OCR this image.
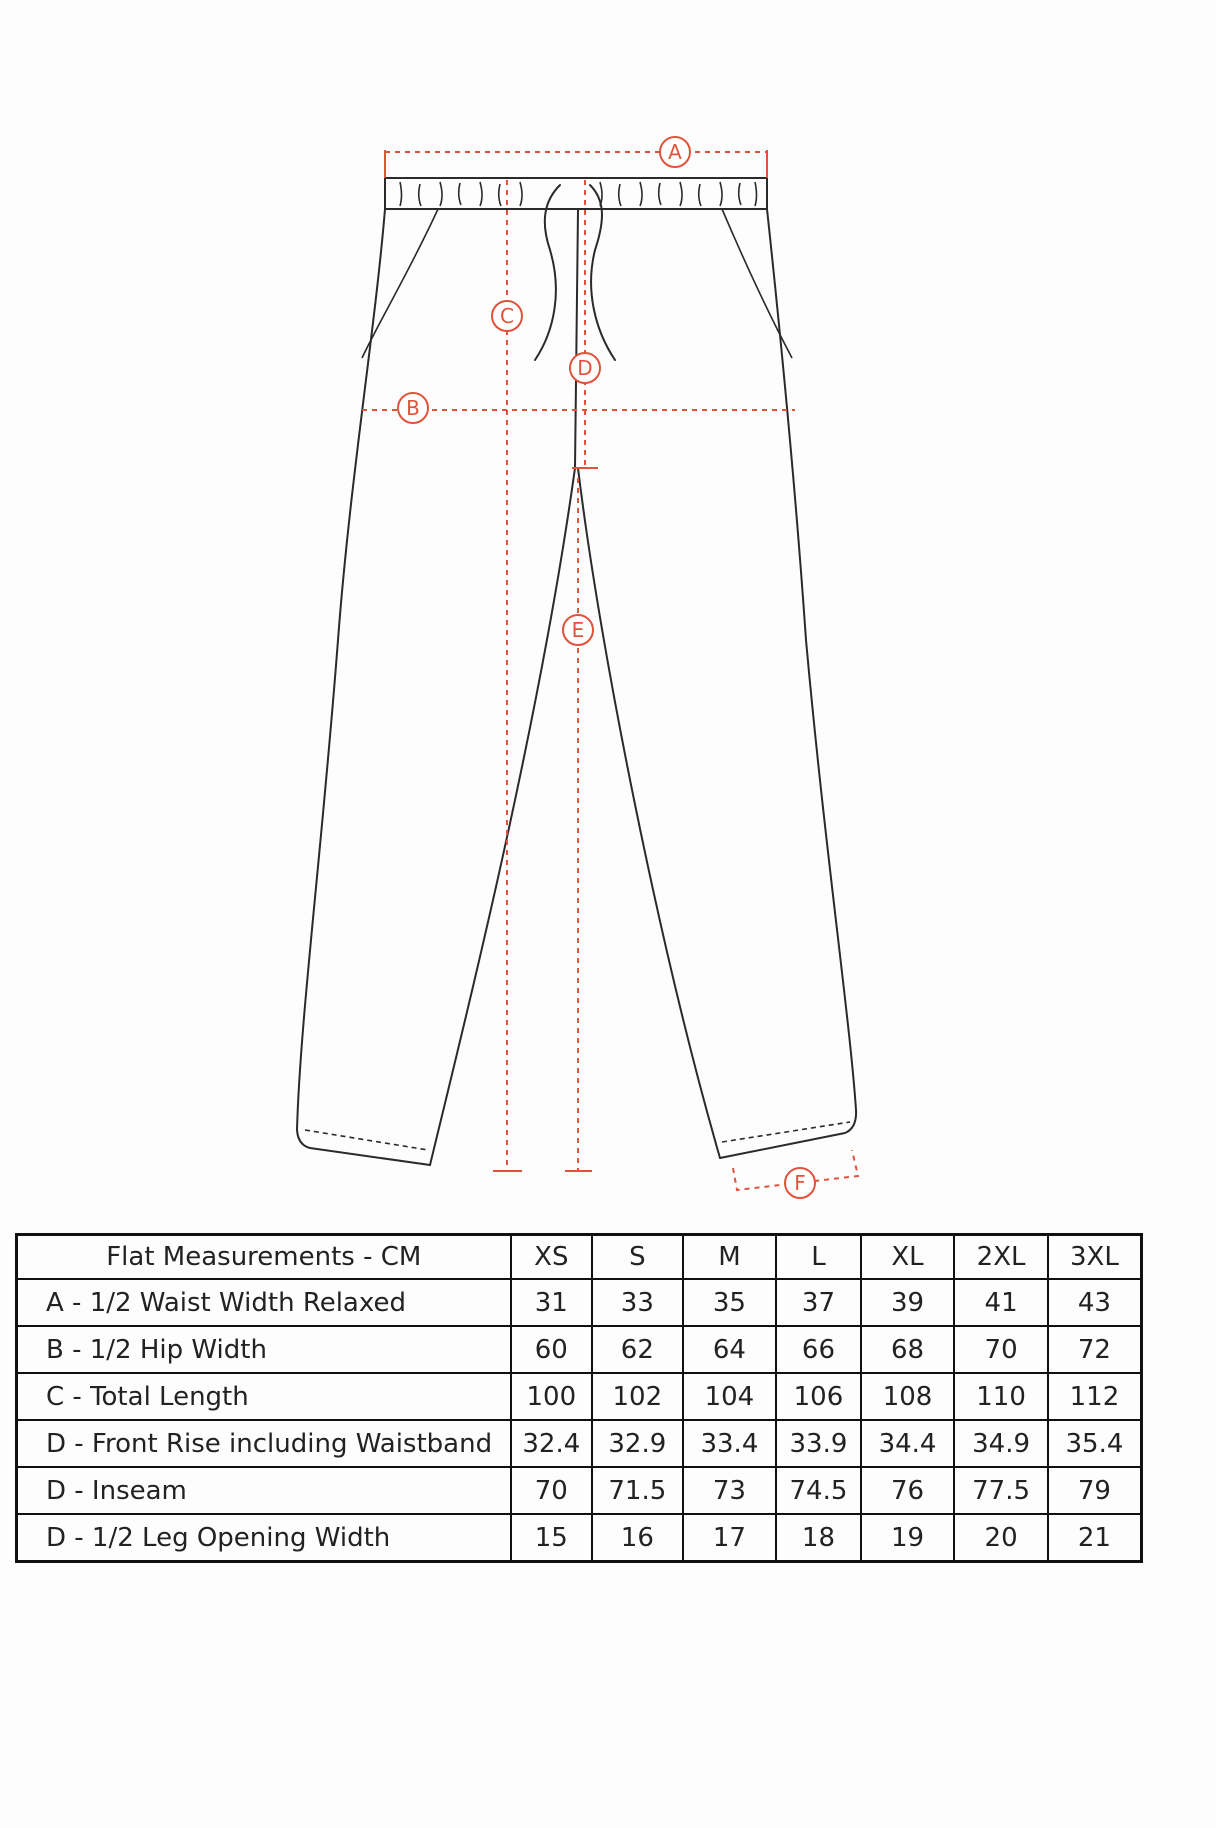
A
B
C
D
E
F
Flat Measurements - CM	XS	S	M	L	XL	2XL	3XL
A - 1/2 Waist Width Relaxed	31	33	35	37	39	41	43
B - 1/2 Hip Width	60	62	64	66	68	70	72
C - Total Length	100	102	104	106	108	110	112
D - Front Rise including Waistband	32.4	32.9	33.4	33.9	34.4	34.9	35.4
D - Inseam	70	71.5	73	74.5	76	77.5	79
D - 1/2 Leg Opening Width	15	16	17	18	19	20	21
